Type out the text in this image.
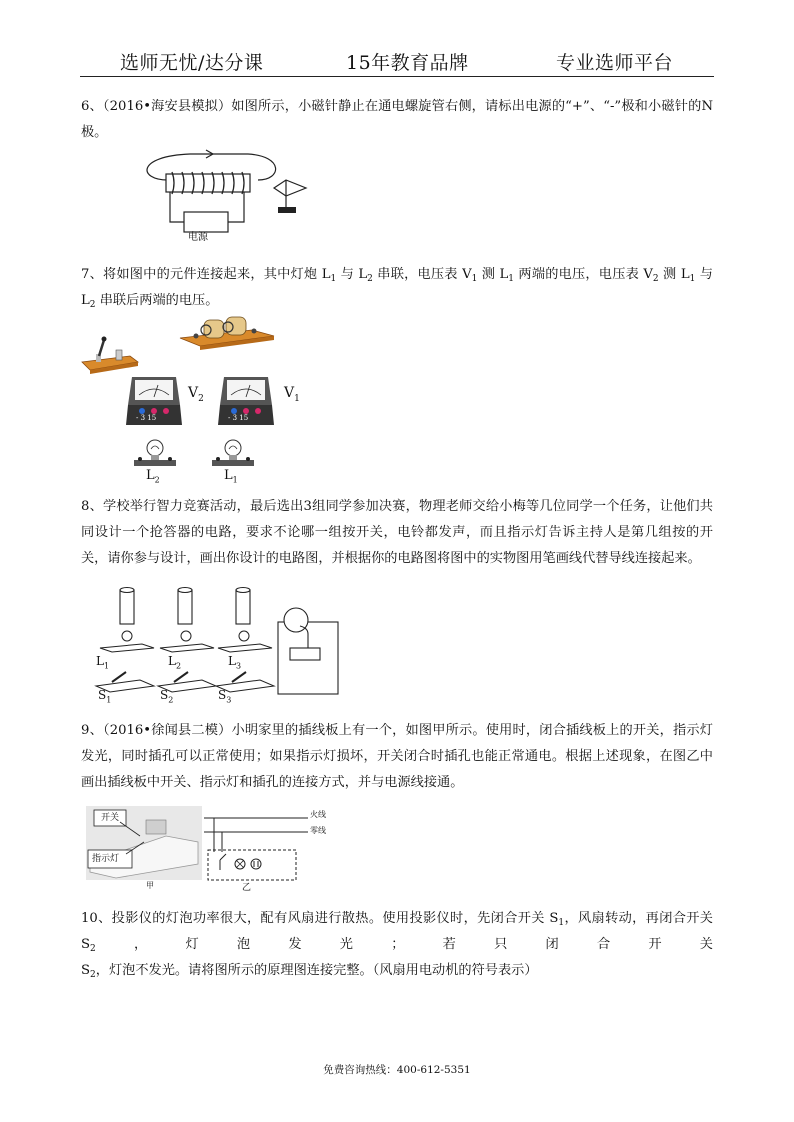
选师无忧/达分课	15年教育品牌	专业选师平台
6、（2016•海安县模拟）如图所示，小磁针静止在通电螺旋管右侧，请标出电源的“+”、“-”极和小磁针的N极。
电源
7、将如图中的元件连接起来，其中灯炮 $L_1$ 与 $L_2$ 串联，电压表 $V_1$ 测 $L_1$ 两端的电压，电压表 $V_2$ 测 $L_1$ 与 $L_2$ 串联后两端的电压。
- 3 15
$V_2$
- 3 15
$V_1$
$L_2$	$L_1$
8、学校举行智力竞赛活动，最后选出3组同学参加决赛，物理老师交给小梅等几位同学一个任务，让他们共同设计一个抢答器的电路，要求不论哪一组按开关，电铃都发声，而且指示灯告诉主持人是第几组按的开关，请你参与设计，画出你设计的电路图，并根据你的电路图将图中的实物图用笔画线代替导线连接起来。
$L_1$	$L_2$	$L_3$
$S_1$	$S_2$	$S_3$
9、（2016•徐闻县二模）小明家里的插线板上有一个，如图甲所示。使用时，闭合插线板上的开关，指示灯发光，同时插孔可以正常使用；如果指示灯损坏，开关闭合时插孔也能正常通电。根据上述现象，在图乙中画出插线板中开关、指示灯和插孔的连接方式，并与电源线接通。
开关
指示灯
甲
火线
零线
乙
10、投影仪的灯泡功率很大，配有风扇进行散热。使用投影仪时，先闭合开关 $S_1$，风扇转动，再闭合开关 $S_2$，灯泡发光；若只闭合开关 $S_2$，灯泡不发光。请将图所示的原理图连接完整。（风扇用电动机的符号表示）
免费咨询热线：400-612-5351
